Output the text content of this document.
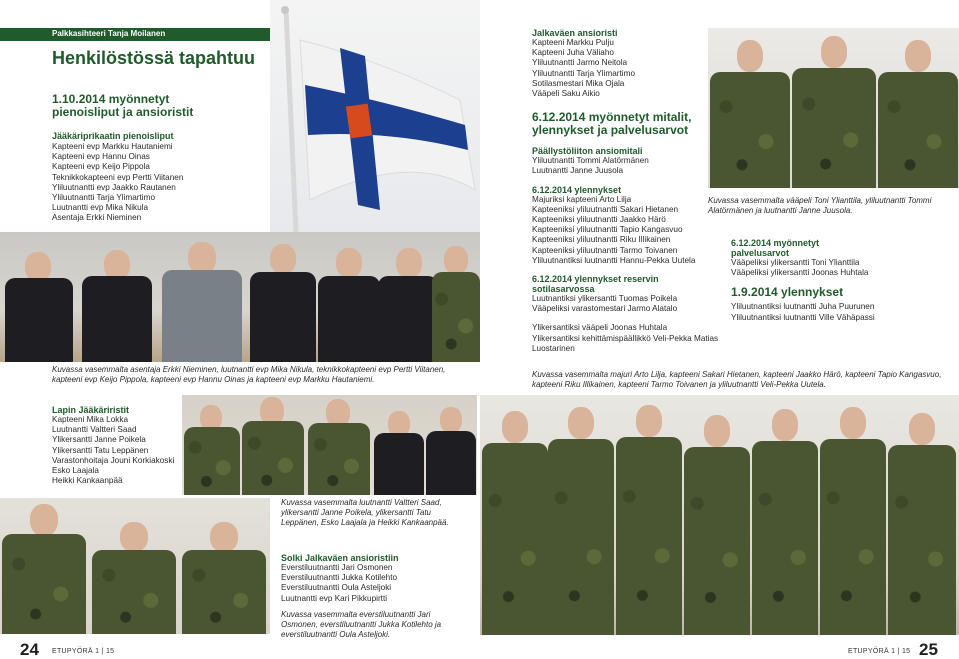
Palkkasihteeri Tanja Moilanen
Henkilöstössä tapahtuu
1.10.2014 myönnetyt
pienoisliput ja ansioristit
Jääkäriprikaatin pienoisliput
Kapteeni evp Markku Hautaniemi
Kapteeni evp Hannu Oinas
Kapteeni evp Keijo Pippola
Teknikkokapteeni evp Pertti Viitanen
Yliluutnantti evp Jaakko Rautanen
Yliluutnantti Tarja Ylimartimo
Luutnantti evp Mika Nikula
Asentaja Erkki Nieminen
Kuvassa vasemmalta asentaja Erkki Nieminen, luutnantti evp Mika Nikula, teknikkokapteeni evp Pertti Viitanen, kapteeni evp Keijo Pippola, kapteeni evp Hannu Oinas ja kapteeni evp Markku Hautaniemi.
Lapin Jääkäriristit
Kapteeni Mika Lokka
Luutnantti Valtteri Saad
Ylikersantti Janne Poikela
Ylikersantti Tatu Leppänen
Varastonhoitaja Jouni Korkiakoski
Esko Laajala
Heikki Kankaanpää
Kuvassa vasemmalta luutnantti Valtteri Saad, ylikersantti Janne Poikela, ylikersantti Tatu Leppänen, Esko Laajala ja Heikki Kankaanpää.
Solki Jalkaväen ansioristiin
Everstiluutnantti Jari Osmonen
Everstiluutnantti Jukka Kotilehto
Everstiluutnantti Oula Asteljoki
Luutnantti evp Kari Pikkupirtti
Kuvassa vasemmalta everstiluutnantti Jari Osmonen, everstiluutnantti Jukka Kotilehto ja everstiluutnantti Oula Asteljoki.
24 ETUPYÖRÄ 1 | 15
Jalkaväen ansioristi
Kapteeni Markku Pulju
Kapteeni Juha Väliaho
Yliluutnantti Jarmo Neitola
Yliluutnantti Tarja Ylimartimo
Sotilasmestari Mika Ojala
Vääpeli Saku Aikio
6.12.2014 myönnetyt mitalit,
ylennykset ja palvelusarvot
Päällystöliiton ansiomitali
Yliluutnantti Tommi Alatörmänen
Luutnantti Janne Juusola
6.12.2014 ylennykset
Majuriksi kapteeni Arto Lilja
Kapteeniksi yliluutnantti Sakari Hietanen
Kapteeniksi yliluutnantti Jaakko Härö
Kapteeniksi yliluutnantti Tapio Kangasvuo
Kapteeniksi yliluutnantti Riku Illikainen
Kapteeniksi yliluutnantti Tarmo Toivanen
Yliluutnantiksi luutnantti Hannu-Pekka Uutela
6.12.2014 ylennykset reservin
sotilasarvossa
Luutnantiksi ylikersantti Tuomas Poikela
Vääpeliksi varastomestari Jarmo Alatalo
Ylikersantiksi vääpeli Joonas Huhtala
Ylikersantiksi kehittämispäällikkö Veli-Pekka Matias
Luostarinen
Kuvassa vasemmalta vääpeli Toni Ylianttila, yliluutnantti Tommi Alatörmänen ja luutnantti Janne Juusola.
6.12.2014 myönnetyt
palvelusarvot
Vääpeliksi ylikersantti Toni Ylianttila
Vääpeliksi ylikersantti Joonas Huhtala
1.9.2014 ylennykset
Yliluutnantiksi luutnantti Juha Puurunen
Yliluutnantiksi luutnantti Ville Vähäpassi
Kuvassa vasemmalta majuri Arto Lilja, kapteeni Sakari Hietanen, kapteeni Jaakko Härö, kapteeni Tapio Kangasvuo, kapteeni Riku Illikainen, kapteeni Tarmo Toivanen ja yliluutnantti Veli-Pekka Uutela.
ETUPYÖRÄ 1 | 15 25
